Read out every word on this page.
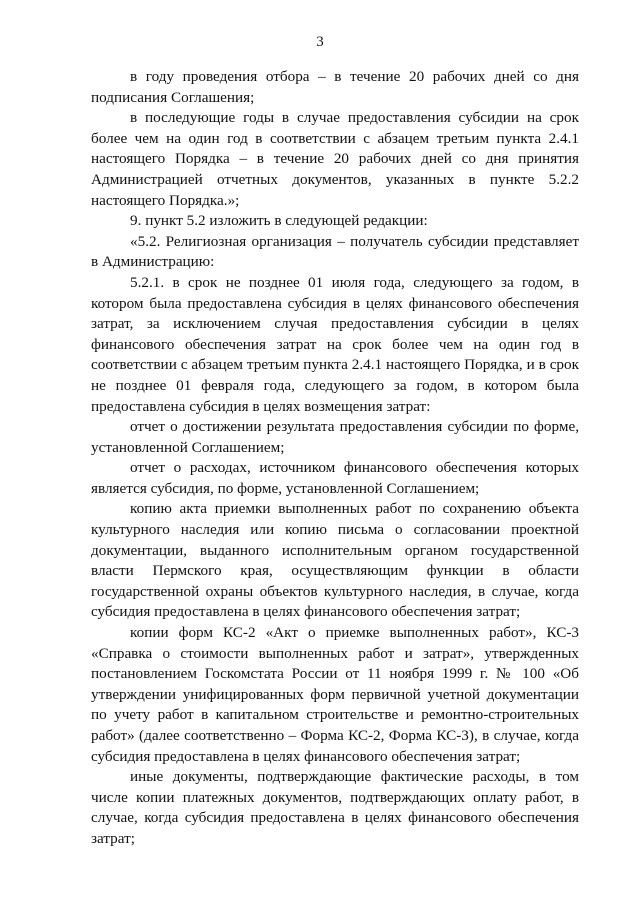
3

в году проведения отбора – в течение 20 рабочих дней со дня подписания Соглашения;

в последующие годы в случае предоставления субсидии на срок более чем на один год в соответствии с абзацем третьим пункта 2.4.1 настоящего Порядка – в течение 20 рабочих дней со дня принятия Администрацией отчетных документов, указанных в пункте 5.2.2 настоящего Порядка.»;

9. пункт 5.2 изложить в следующей редакции:

«5.2. Религиозная организация – получатель субсидии представляет в Администрацию:

5.2.1. в срок не позднее 01 июля года, следующего за годом, в котором была предоставлена субсидия в целях финансового обеспечения затрат, за исключением случая предоставления субсидии в целях финансового обеспечения затрат на срок более чем на один год в соответствии с абзацем третьим пункта 2.4.1 настоящего Порядка, и в срок не позднее 01 февраля года, следующего за годом, в котором была предоставлена субсидия в целях возмещения затрат:

отчет о достижении результата предоставления субсидии по форме, установленной Соглашением;

отчет о расходах, источником финансового обеспечения которых является субсидия, по форме, установленной Соглашением;

копию акта приемки выполненных работ по сохранению объекта культурного наследия или копию письма о согласовании проектной документации, выданного исполнительным органом государственной власти Пермского края, осуществляющим функции в области государственной охраны объектов культурного наследия, в случае, когда субсидия предоставлена в целях финансового обеспечения затрат;

копии форм КС-2 «Акт о приемке выполненных работ», КС-3 «Справка о стоимости выполненных работ и затрат», утвержденных постановлением Госкомстата России от 11 ноября 1999 г. № 100 «Об утверждении унифицированных форм первичной учетной документации по учету работ в капитальном строительстве и ремонтно-строительных работ» (далее соответственно – Форма КС-2, Форма КС-3), в случае, когда субсидия предоставлена в целях финансового обеспечения затрат;

иные документы, подтверждающие фактические расходы, в том числе копии платежных документов, подтверждающих оплату работ, в случае, когда субсидия предоставлена в целях финансового обеспечения затрат;
